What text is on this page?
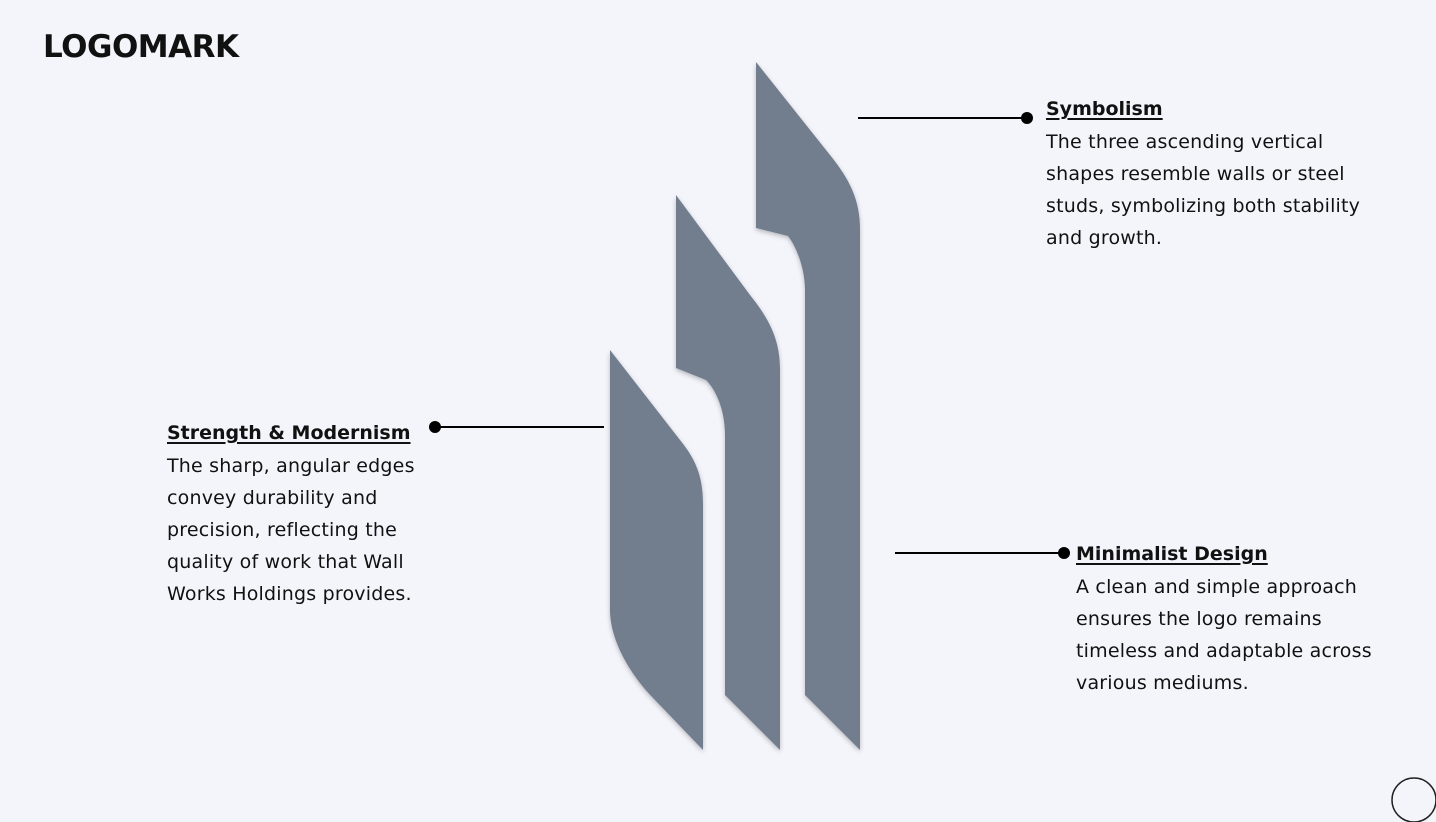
LOGOMARK
Symbolism

The three ascending vertical shapes resemble walls or steel studs, symbolizing both stability and growth.

Strength & Modernism

The sharp, angular edges convey durability and precision, reflecting the quality of work that Wall Works Holdings provides.

Minimalist Design

A clean and simple approach ensures the logo remains timeless and adaptable across various mediums.
